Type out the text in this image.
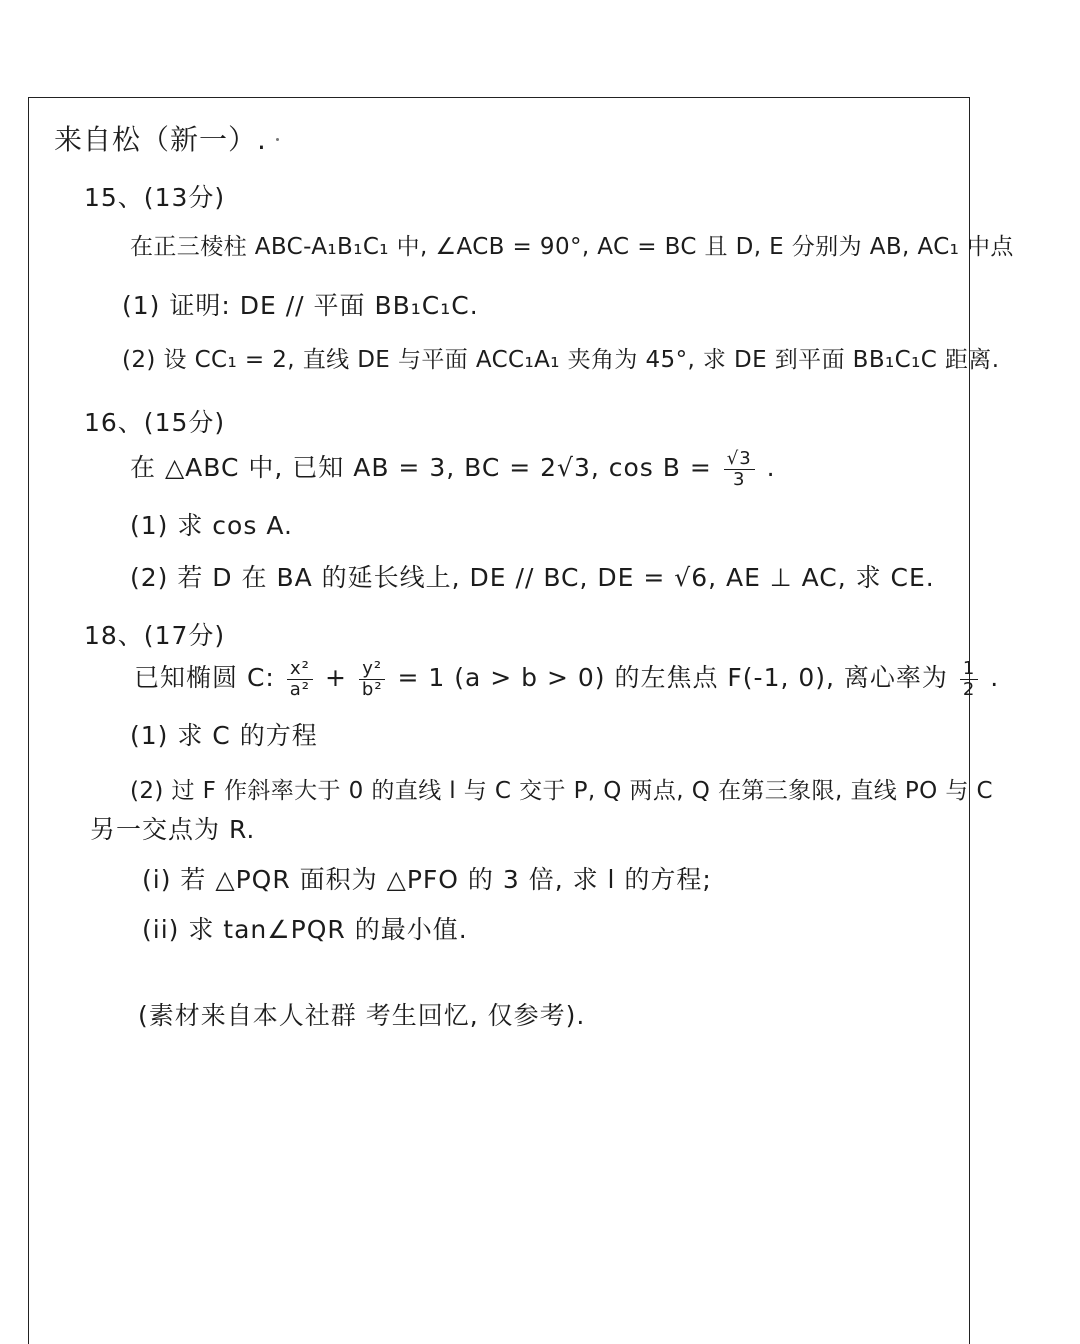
来自松（新一）.
15、(13分)
在正三棱柱 ABC-A₁B₁C₁ 中, ∠ACB = 90°, AC = BC 且 D, E 分别为 AB, AC₁ 中点
(1) 证明: DE // 平面 BB₁C₁C.
(2) 设 CC₁ = 2, 直线 DE 与平面 ACC₁A₁ 夹角为 45°, 求 DE 到平面 BB₁C₁C 距离.
16、(15分)
在 △ABC 中, 已知 AB = 3, BC = 2√3, $\cos B = \frac{√3}{3}$ .
(1) 求 cos A.
(2) 若 D 在 BA 的延长线上, DE // BC, DE = √6, AE ⊥ AC, 求 CE.
18、(17分)
已知椭圆 C: $\frac{\text{x²}}{\text{a²}} + \frac{\text{y²}}{\text{b²}} = 1$ (a > b > 0) 的左焦点 F(-1, 0), 离心率为 $\frac{1}{2}$ .
(1) 求 C 的方程
(2) 过 F 作斜率大于 0 的直线 l 与 C 交于 P, Q 两点, Q 在第三象限, 直线 PO 与 C
另一交点为 R.
(i) 若 △PQR 面积为 △PFO 的 3 倍, 求 l 的方程;
(ii) 求 tan∠PQR 的最小值.
(素材来自本人社群 考生回忆, 仅参考).
